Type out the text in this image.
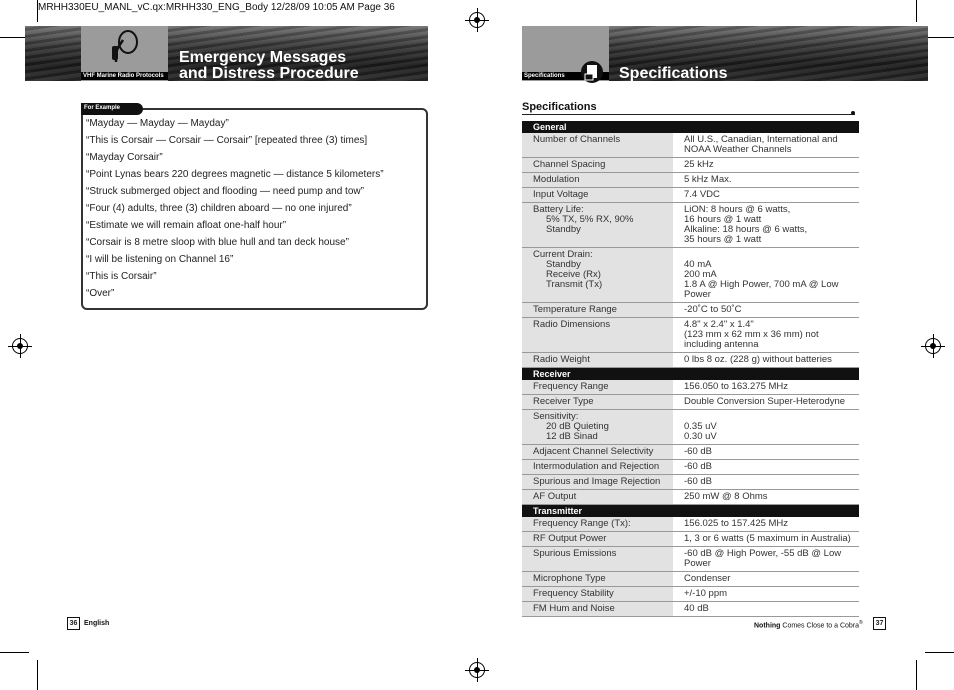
MRHH330EU_MANL_vC.qx:MRHH330_ENG_Body 12/28/09 10:05 AM Page 36
VHF Marine Radio Protocols
Emergency Messages
and Distress Procedure	Specifications	Specifications
For Example

“Mayday — Mayday — Mayday”

“This is Corsair — Corsair — Corsair” [repeated three (3) times]

“Mayday Corsair”

“Point Lynas bears 220 degrees magnetic — distance 5 kilometers”

“Struck submerged object and flooding — need pump and tow”

“Four (4) adults, three (3) children aboard — no one injured”

“Estimate we will remain afloat one-half hour”

“Corsair is 8 metre sloop with blue hull and tan deck house”

“I will be listening on Channel 16”

“This is Corsair”

“Over”

Specifications
General	

Number of Channels	All U.S., Canadian, International and
NOAA Weather Channels

Channel Spacing	25 kHz

Modulation	5 kHz Max.

Input Voltage	7.4 VDC

Battery Life:
5% TX, 5% RX, 90% Standby	LiON: 8 hours @ 6 watts,
16 hours @ 1 watt
Alkaline: 18 hours @ 6 watts,
35 hours @ 1 watt

Current Drain:
Standby
Receive (Rx)
Transmit (Tx)	40 mA
200 mA
1.8 A @ High Power, 700 mA @ Low Power

Temperature Range	-20˚C to 50˚C

Radio Dimensions	4.8" x 2.4" x 1.4"
(123 mm x 62 mm x 36 mm) not
including antenna

Radio Weight	0 lbs 8 oz. (228 g) without batteries

Receiver	

Frequency Range	156.050 to 163.275 MHz

Receiver Type	Double Conversion Super-Heterodyne

Sensitivity:
20 dB Quieting
12 dB Sinad	0.35 uV
0.30 uV

Adjacent Channel Selectivity	-60 dB

Intermodulation and Rejection	-60 dB

Spurious and Image Rejection	-60 dB

AF Output	250 mW @ 8 Ohms

Transmitter	

Frequency Range (Tx):	156.025 to 157.425 MHz

RF Output Power	1, 3 or 6 watts (5 maximum in Australia)

Spurious Emissions	-60 dB @ High Power, -55 dB @ Low
Power

Microphone Type	Condenser

Frequency Stability	+/-10 ppm

FM Hum and Noise	40 dB
36 English	Nothing Comes Close to a Cobra®	37
